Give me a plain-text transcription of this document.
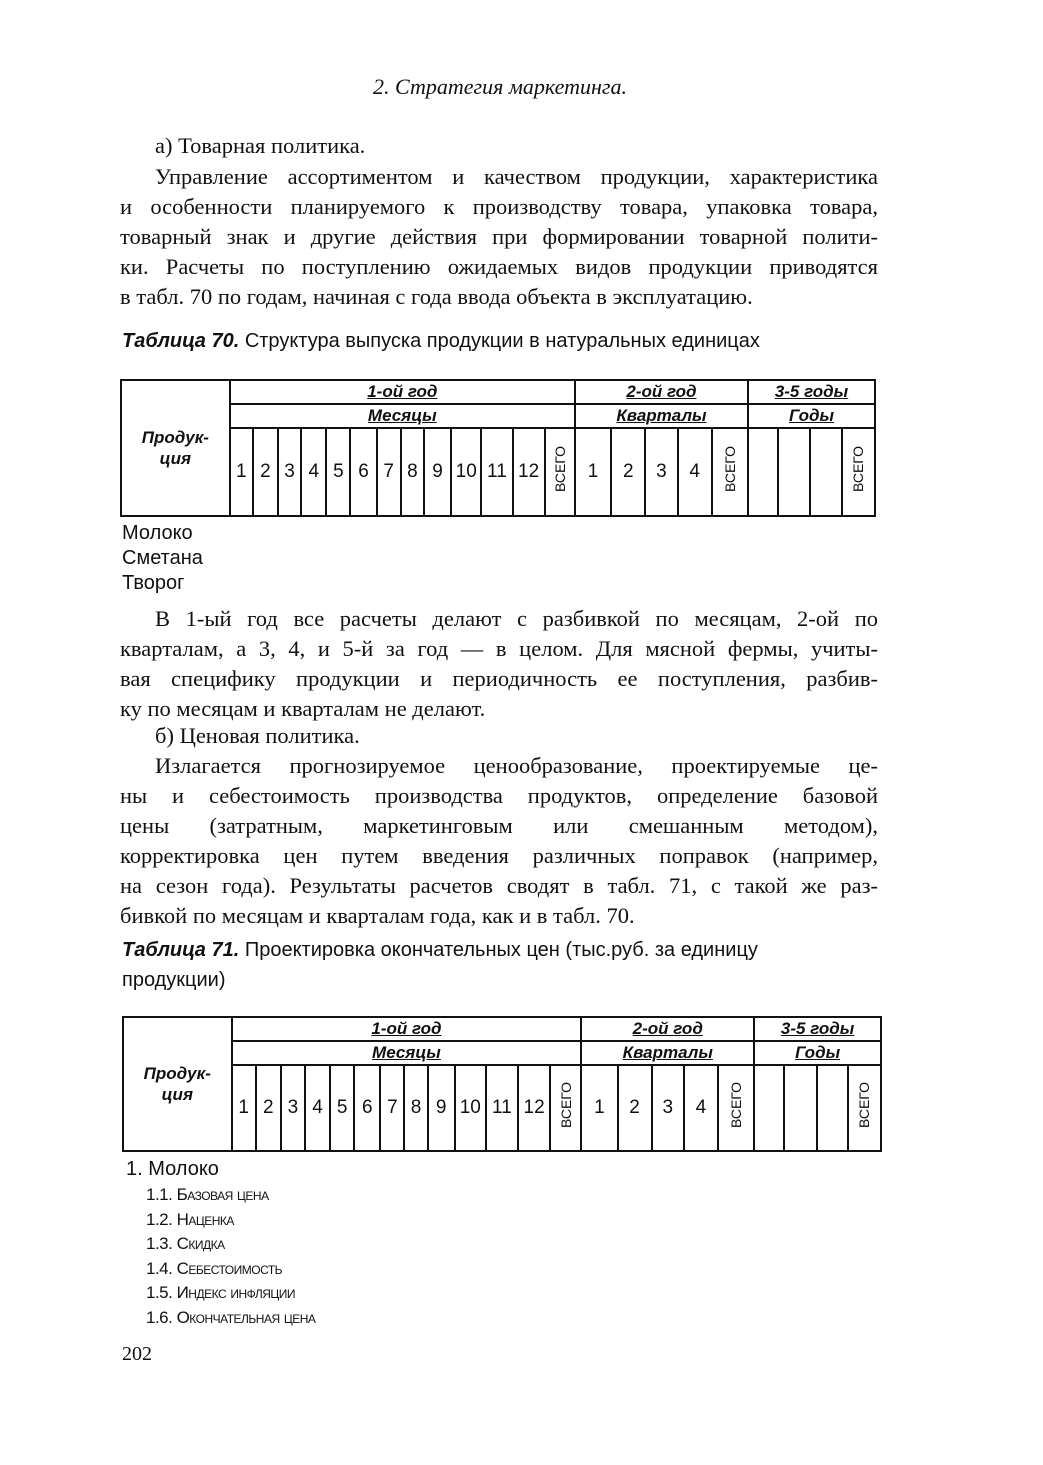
2. Стратегия маркетинга.
а) Товарная политика.
Управление ассортиментом и качеством продукции, характеристика
и особенности планируемого к производству товара, упаковка товара,
товарный знак и другие действия при формировании товарной полити-
ки. Расчеты по поступлению ожидаемых видов продукции приводятся
в табл. 70 по годам, начиная с года ввода объекта в эксплуатацию.
Таблица 70. Структура выпуска продукции в натуральных единицах
Продук-
ция	1-ой год													2-ой год					3-5 годы			
	Месяцы													Кварталы					Годы			
	1	2	3	4	5	6	7	8	9	10	11	12	ВСЕГО	1	2	3	4	ВСЕГО				ВСЕГО
Молоко
Сметана
Творог
В 1-ый год все расчеты делают с разбивкой по месяцам, 2-ой по
кварталам, а 3, 4, и 5-й за год — в целом. Для мясной фермы, учиты-
вая специфику продукции и периодичность ее поступления, разбив-
ку по месяцам и кварталам не делают.
б) Ценовая политика.
Излагается прогнозируемое ценообразование, проектируемые це-
ны и себестоимость производства продуктов, определение базовой
цены (затратным, маркетинговым или смешанным методом),
корректировка цен путем введения различных поправок (например,
на сезон года). Результаты расчетов сводят в табл. 71, с такой же раз-
бивкой по месяцам и кварталам года, как и в табл. 70.
Таблица 71. Проектировка окончательных цен (тыс.руб. за единицу
продукции)
Продук-
ция	1-ой год													2-ой год					3-5 годы			
	Месяцы													Кварталы					Годы			
	1	2	3	4	5	6	7	8	9	10	11	12	ВСЕГО	1	2	3	4	ВСЕГО				ВСЕГО
1. Молоко
1.1. Базовая цена
1.2. Наценка
1.3. Скидка
1.4. Себестоимость
1.5. Индекс инфляции
1.6. Окончательная цена
202
